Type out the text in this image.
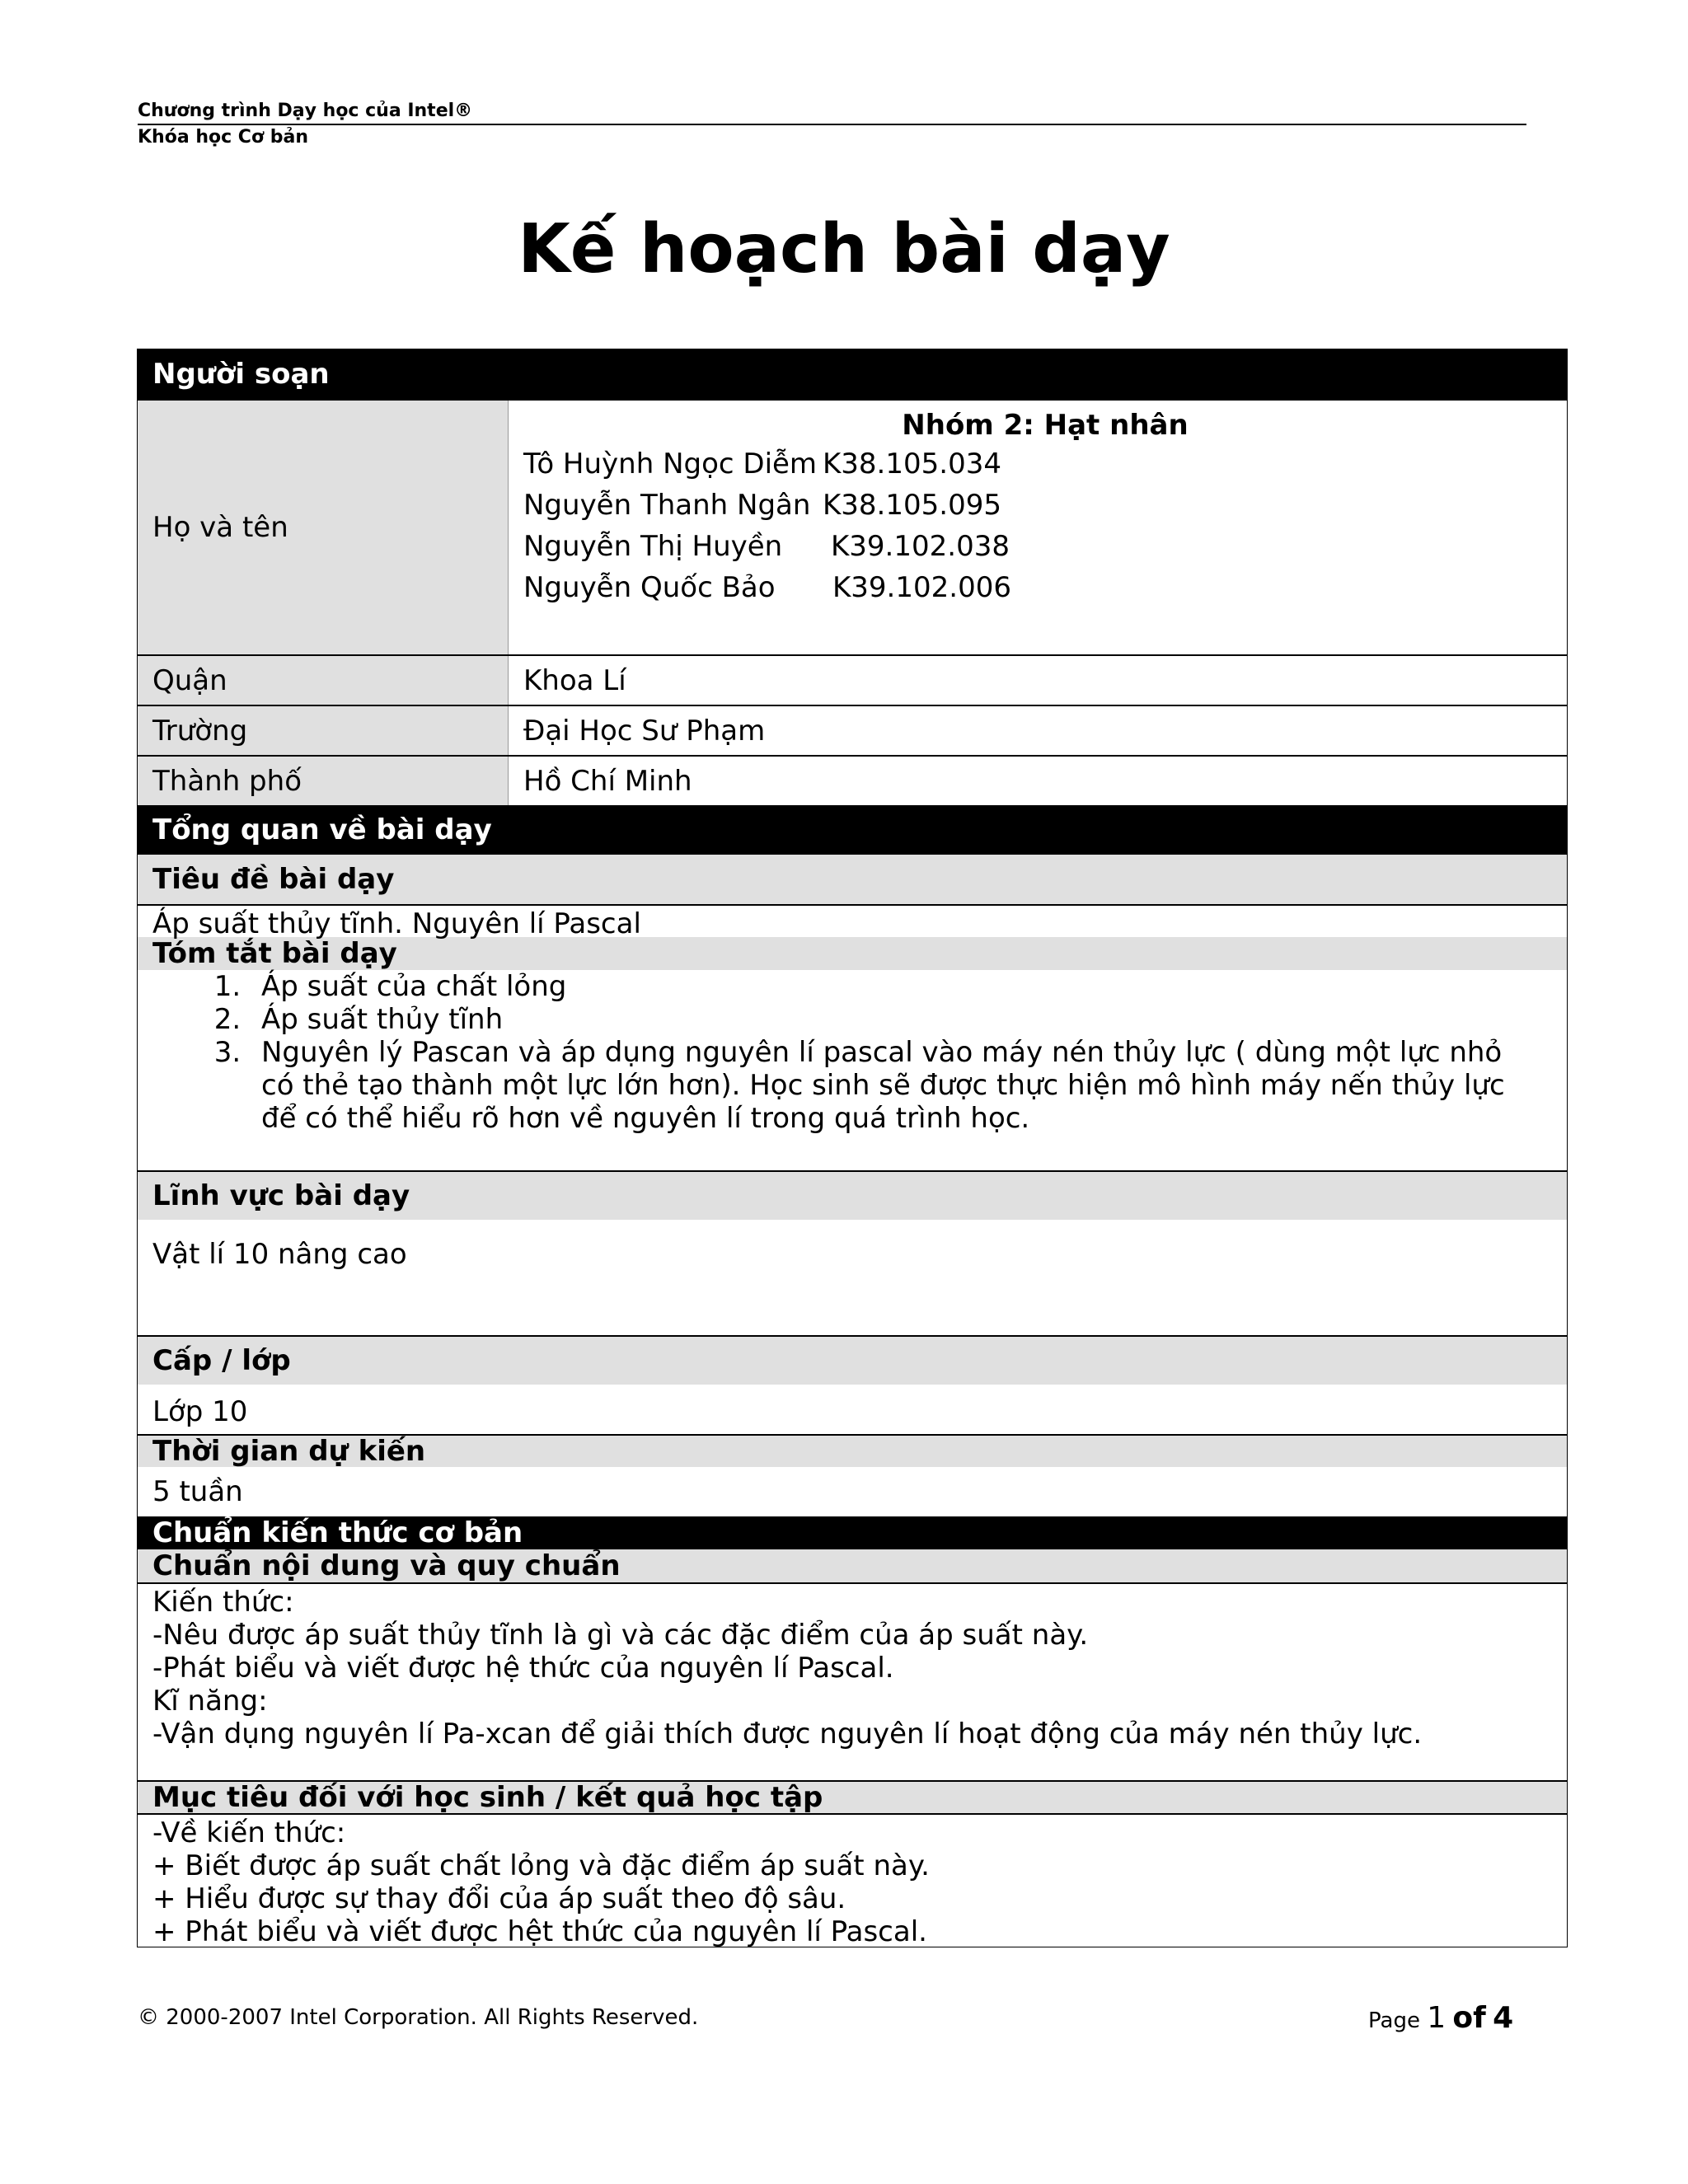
Chương trình Dạy học của Intel®
Khóa học Cơ bản
Kế hoạch bài dạy
Người soạn
Họ và tên
Nhóm 2: Hạt nhân
Tô Huỳnh Ngọc Diễm K38.105.034
Nguyễn Thanh Ngân K38.105.095
Nguyễn Thị Huyền	K39.102.038
Nguyễn Quốc Bảo	K39.102.006
Quận	Khoa Lí
Trường	Đại Học Sư Phạm
Thành phố	Hồ Chí Minh
Tổng quan về bài dạy
Tiêu đề bài dạy
Áp suất thủy tĩnh. Nguyên lí Pascal
Tóm tắt bài dạy
1. Áp suất của chất lỏng
2. Áp suất thủy tĩnh
3. Nguyên lý Pascan và áp dụng nguyên lí pascal vào máy nén thủy lực ( dùng một lực nhỏ có thẻ tạo thành một lực lớn hơn). Học sinh sẽ được thực hiện mô hình máy nến thủy lực để có thể hiểu rõ hơn về nguyên lí trong quá trình học.
Lĩnh vực bài dạy
Vật lí 10 nâng cao
Cấp / lớp
Lớp 10
Thời gian dự kiến
5 tuần
Chuẩn kiến thức cơ bản
Chuẩn nội dung và quy chuẩn
Kiến thức:
-Nêu được áp suất thủy tĩnh là gì và các đặc điểm của áp suất này.
-Phát biểu và viết được hệ thức của nguyên lí Pascal.
Kĩ năng:
-Vận dụng nguyên lí Pa-xcan để giải thích được nguyên lí hoạt động của máy nén thủy lực.
Mục tiêu đối với học sinh / kết quả học tập
-Về kiến thức:
+ Biết được áp suất chất lỏng và đặc điểm áp suất này.
+ Hiểu được sự thay đổi của áp suất theo độ sâu.
+ Phát biểu và viết được hệt thức của nguyên lí Pascal.
© 2000-2007 Intel Corporation. All Rights Reserved.	Page 1 of 4
